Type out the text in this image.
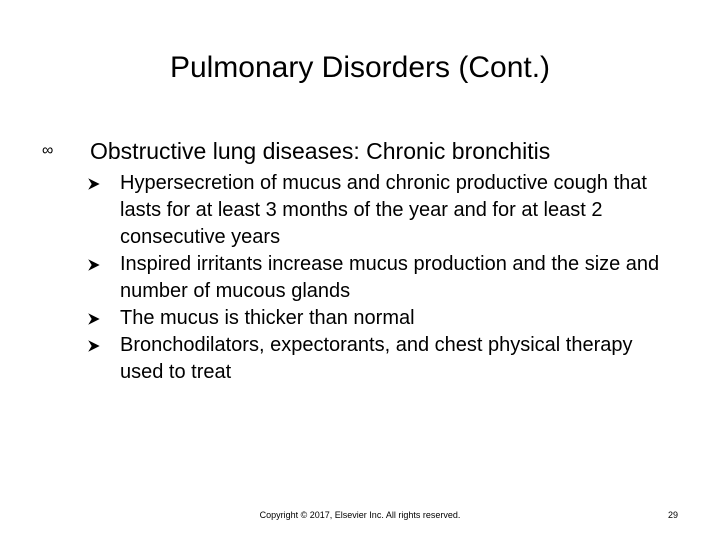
Pulmonary Disorders (Cont.)
∞	Obstructive lung diseases: Chronic bronchitis
Hypersecretion of mucus and chronic productive cough that lasts for at least 3 months of the year and for at least 2 consecutive years
Inspired irritants increase mucus production and the size and number of mucous glands
The mucus is thicker than normal
Bronchodilators, expectorants, and chest physical therapy used to treat
Copyright © 2017, Elsevier Inc. All rights reserved.	29
